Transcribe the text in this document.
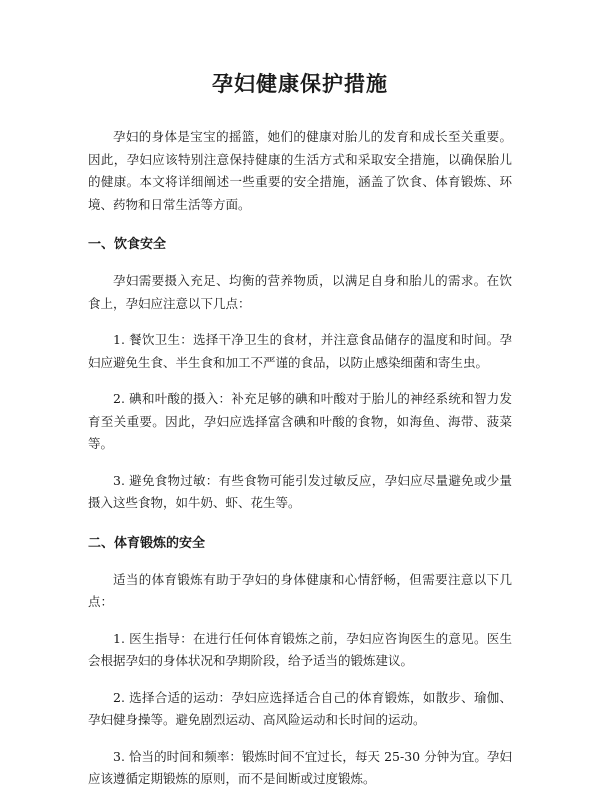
孕妇健康保护措施

孕妇的身体是宝宝的摇篮，她们的健康对胎儿的发育和成长至关重要。因此，孕妇应该特别注意保持健康的生活方式和采取安全措施，以确保胎儿的健康。本文将详细阐述一些重要的安全措施，涵盖了饮食、体育锻炼、环境、药物和日常生活等方面。

一、饮食安全

孕妇需要摄入充足、均衡的营养物质，以满足自身和胎儿的需求。在饮食上，孕妇应注意以下几点：

1. 餐饮卫生：选择干净卫生的食材，并注意食品储存的温度和时间。孕妇应避免生食、半生食和加工不严谨的食品，以防止感染细菌和寄生虫。

2. 碘和叶酸的摄入：补充足够的碘和叶酸对于胎儿的神经系统和智力发育至关重要。因此，孕妇应选择富含碘和叶酸的食物，如海鱼、海带、菠菜等。

3. 避免食物过敏：有些食物可能引发过敏反应，孕妇应尽量避免或少量摄入这些食物，如牛奶、虾、花生等。

二、体育锻炼的安全

适当的体育锻炼有助于孕妇的身体健康和心情舒畅，但需要注意以下几点：

1. 医生指导：在进行任何体育锻炼之前，孕妇应咨询医生的意见。医生会根据孕妇的身体状况和孕期阶段，给予适当的锻炼建议。

2. 选择合适的运动：孕妇应选择适合自己的体育锻炼，如散步、瑜伽、孕妇健身操等。避免剧烈运动、高风险运动和长时间的运动。

3. 恰当的时间和频率：锻炼时间不宜过长，每天 25-30 分钟为宜。孕妇应该遵循定期锻炼的原则，而不是间断或过度锻炼。
